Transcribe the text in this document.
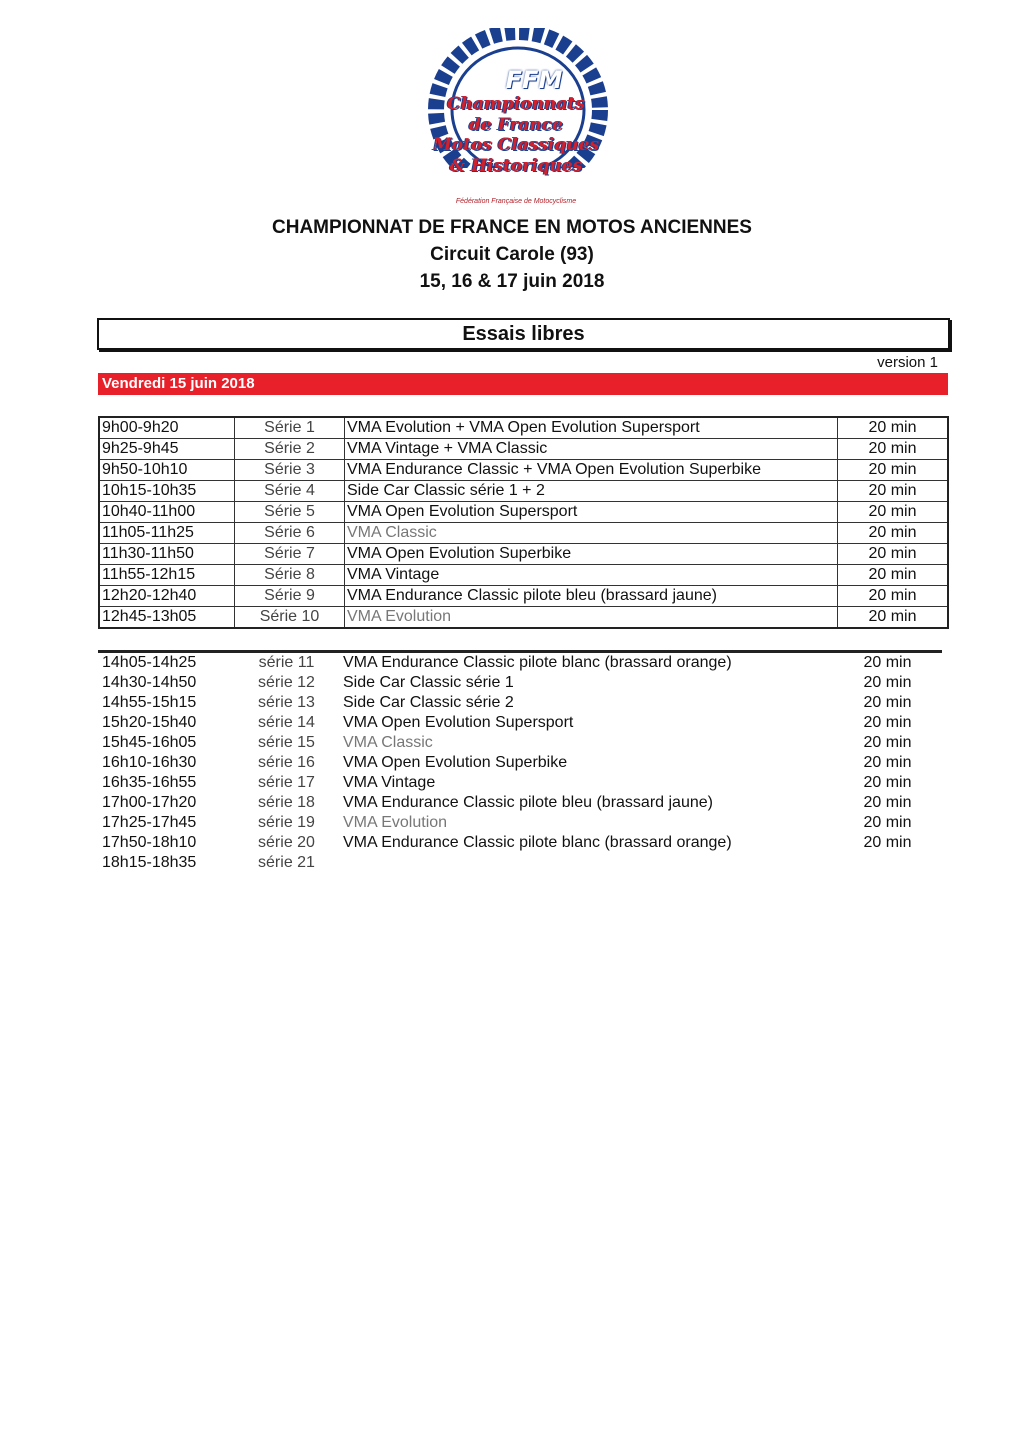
FFM
Championnats
de France
Motos Classiques
& Historiques
Fédération Française de Motocyclisme
CHAMPIONNAT DE FRANCE EN MOTOS ANCIENNES
Circuit Carole (93)
15, 16 & 17 juin 2018
Essais libres
version 1
Vendredi 15 juin 2018
9h00-9h20	Série 1	VMA Evolution + VMA Open Evolution Supersport	20 min
9h25-9h45	Série 2	VMA Vintage + VMA Classic	20 min
9h50-10h10	Série 3	VMA Endurance Classic + VMA Open Evolution Superbike	20 min
10h15-10h35	Série 4	Side Car Classic série 1 + 2	20 min
10h40-11h00	Série 5	VMA Open Evolution Supersport	20 min
11h05-11h25	Série 6	VMA Classic	20 min
11h30-11h50	Série 7	VMA Open Evolution Superbike	20 min
11h55-12h15	Série 8	VMA Vintage	20 min
12h20-12h40	Série 9	VMA Endurance Classic pilote bleu (brassard jaune)	20 min
12h45-13h05	Série 10	VMA Evolution	20 min
14h05-14h25	série 11	VMA Endurance Classic pilote blanc (brassard orange)	20 min
14h30-14h50	série 12	Side Car Classic série 1	20 min
14h55-15h15	série 13	Side Car Classic série 2	20 min
15h20-15h40	série 14	VMA Open Evolution Supersport	20 min
15h45-16h05	série 15	VMA Classic	20 min
16h10-16h30	série 16	VMA Open Evolution Superbike	20 min
16h35-16h55	série 17	VMA Vintage	20 min
17h00-17h20	série 18	VMA Endurance Classic pilote bleu (brassard jaune)	20 min
17h25-17h45	série 19	VMA Evolution	20 min
17h50-18h10	série 20	VMA Endurance Classic pilote blanc (brassard orange)	20 min
18h15-18h35	série 21		
